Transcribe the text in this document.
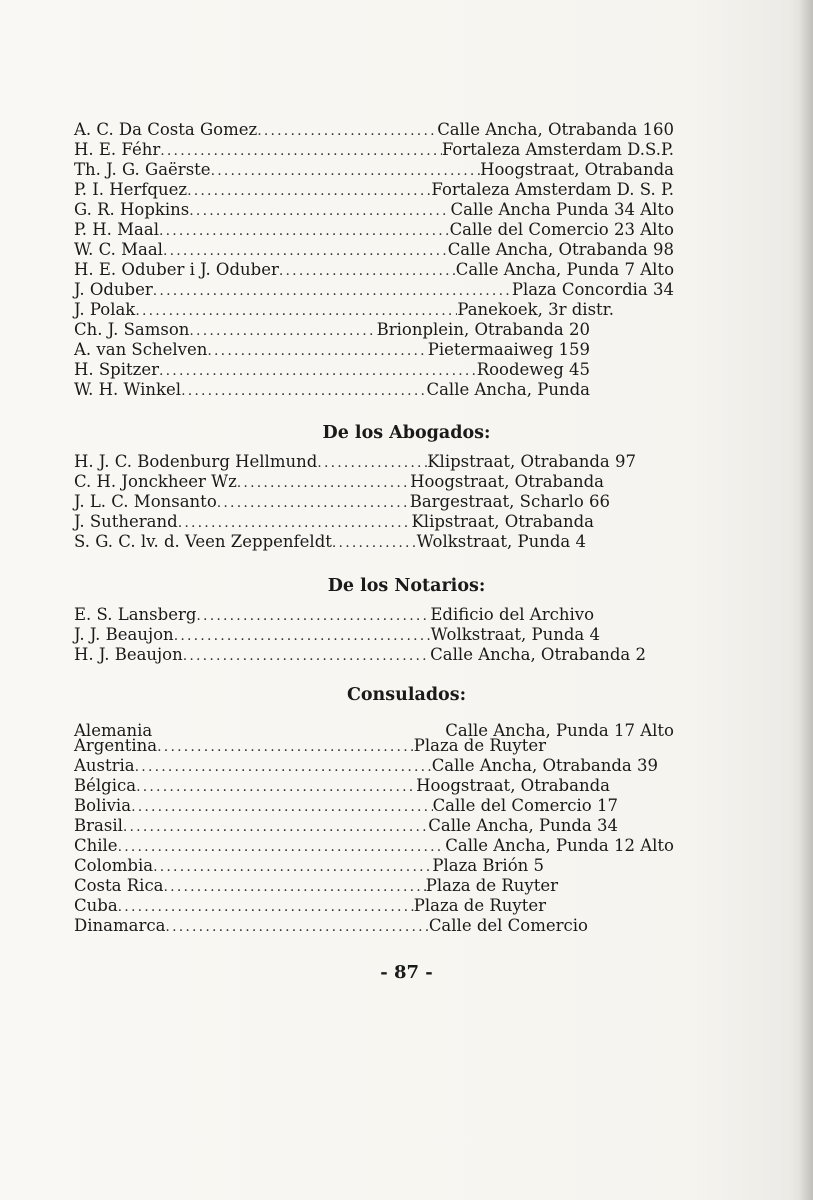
A. C. Da Costa Gomez .....	Calle Ancha, Otrabanda 160
H. E. Féhr .....	Fortaleza Amsterdam D.S.P.
Th. J. G. Gaërste .....	Hoogstraat, Otrabanda
P. I. Herfquez .....	Fortaleza Amsterdam D. S. P.
G. R. Hopkins .....	Calle Ancha Punda 34 Alto
P. H. Maal .....	Calle del Comercio 23 Alto
W. C. Maal .....	Calle Ancha, Otrabanda 98
H. E. Oduber i J. Oduber .....	Calle Ancha, Punda 7 Alto
J. Oduber .....	Plaza Concordia 34
J. Polak .....	Panekoek, 3r distr.
Ch. J. Samson .....	Brionplein, Otrabanda 20
A. van Schelven .....	Pietermaaiweg 159
H. Spitzer .....	Roodeweg 45
W. H. Winkel .....	Calle Ancha, Punda
De los Abogados:
H. J. C. Bodenburg Hellmund .....	Klipstraat, Otrabanda 97
C. H. Jonckheer Wz .....	Hoogstraat, Otrabanda
J. L. C. Monsanto .....	Bargestraat, Scharlo 66
J. Sutherand .....	Klipstraat, Otrabanda
S. G. C. lv. d. Veen Zeppenfeldt .....	Wolkstraat, Punda 4
De los Notarios:
E. S. Lansberg .....	Edificio del Archivo
J. J. Beaujon .....	Wolkstraat, Punda 4
H. J. Beaujon .....	Calle Ancha, Otrabanda 2
Consulados:
Alemania	Calle Ancha, Punda 17 Alto
Argentina .....	Plaza de Ruyter
Austria .....	Calle Ancha, Otrabanda 39
Bélgica .....	Hoogstraat, Otrabanda
Bolivia .....	Calle del Comercio 17
Brasil .....	Calle Ancha, Punda 34
Chile .....	Calle Ancha, Punda 12 Alto
Colombia .....	Plaza Brión 5
Costa Rica .....	Plaza de Ruyter
Cuba .....	Plaza de Ruyter
Dinamarca .....	Calle del Comercio
- 87 -
